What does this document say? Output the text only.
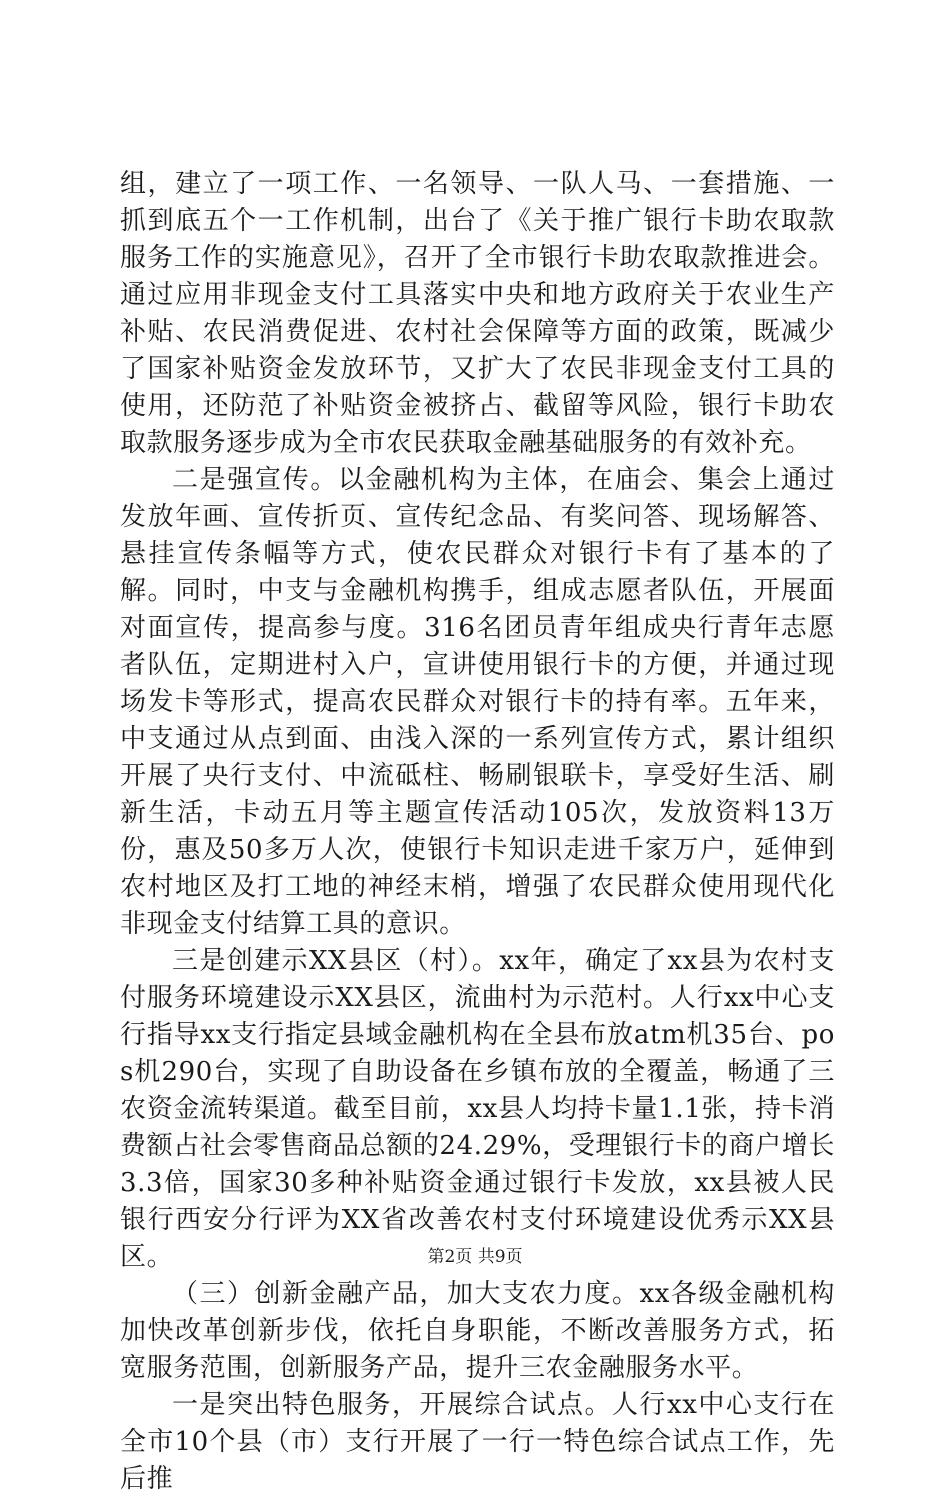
组，建立了一项工作、一名领导、一队人马、一套措施、一抓到底五个一工作机制，出台了《关于推广银行卡助农取款服务工作的实施意见》，召开了全市银行卡助农取款推进会。通过应用非现金支付工具落实中央和地方政府关于农业生产补贴、农民消费促进、农村社会保障等方面的政策，既减少了国家补贴资金发放环节，又扩大了农民非现金支付工具的使用，还防范了补贴资金被挤占、截留等风险，银行卡助农取款服务逐步成为全市农民获取金融基础服务的有效补充。

二是强宣传。以金融机构为主体，在庙会、集会上通过发放年画、宣传折页、宣传纪念品、有奖问答、现场解答、悬挂宣传条幅等方式，使农民群众对银行卡有了基本的了解。同时，中支与金融机构携手，组成志愿者队伍，开展面对面宣传，提高参与度。316名团员青年组成央行青年志愿者队伍，定期进村入户，宣讲使用银行卡的方便，并通过现场发卡等形式，提高农民群众对银行卡的持有率。五年来，中支通过从点到面、由浅入深的一系列宣传方式，累计组织开展了央行支付、中流砥柱、畅刷银联卡，享受好生活、刷新生活，卡动五月等主题宣传活动105次，发放资料13万份，惠及50多万人次，使银行卡知识走进千家万户，延伸到农村地区及打工地的神经末梢，增强了农民群众使用现代化非现金支付结算工具的意识。

三是创建示XX县区（村）。xx年，确定了xx县为农村支付服务环境建设示XX县区，流曲村为示范村。人行xx中心支行指导xx支行指定县域金融机构在全县布放atm机35台、pos机290台，实现了自助设备在乡镇布放的全覆盖，畅通了三农资金流转渠道。截至目前，xx县人均持卡量1.1张，持卡消费额占社会零售商品总额的24.29%，受理银行卡的商户增长3.3倍，国家30多种补贴资金通过银行卡发放，xx县被人民银行西安分行评为XX省改善农村支付环境建设优秀示XX县区。

（三）创新金融产品，加大支农力度。xx各级金融机构加快改革创新步伐，依托自身职能，不断改善服务方式，拓宽服务范围，创新服务产品，提升三农金融服务水平。

一是突出特色服务，开展综合试点。人行xx中心支行在全市10个县（市）支行开展了一行一特色综合试点工作，先后推

第2页 共9页
